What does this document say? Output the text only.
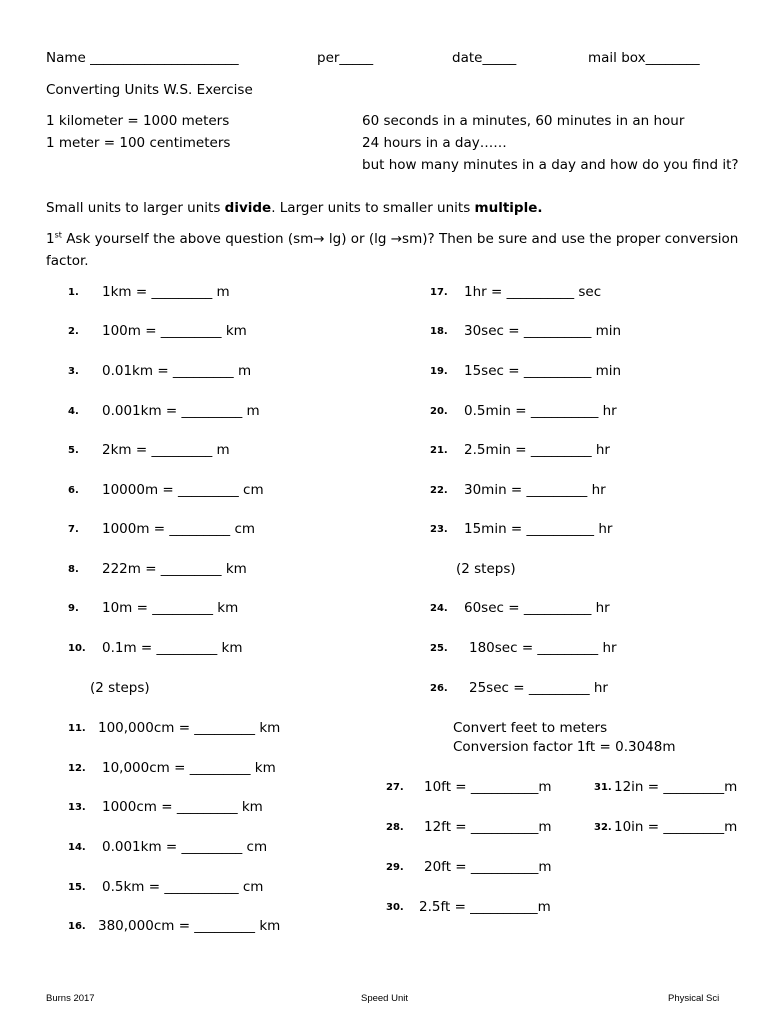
Name ______________________	per_____	date_____	mail box________
Converting Units W.S. Exercise
1 kilometer = 1000 meters
1 meter = 100 centimeters
60 seconds in a minutes, 60 minutes in an hour
24 hours in a day……
but how many minutes in a day and how do you find it?
Small units to larger units divide. Larger units to smaller units multiple.
1st Ask yourself the above question (sm→ lg) or (lg →sm)? Then be sure and use the proper conversion
factor.
1. 1km = _________ m
2. 100m = _________ km
3. 0.01km = _________ m
4. 0.001km = _________ m
5. 2km = _________ m
6. 10000m = _________ cm
7. 1000m = _________ cm
8. 222m = _________ km
9. 10m = _________ km
10. 0.1m = _________ km
(2 steps)
11. 100,000cm = _________ km
12. 10,000cm = _________ km
13. 1000cm = _________ km
14. 0.001km = _________ cm
15. 0.5km = ___________ cm
16. 380,000cm = _________ km
17. 1hr = __________ sec
18. 30sec = __________ min
19. 15sec = __________ min
20. 0.5min = __________ hr
21. 2.5min = _________ hr
22. 30min = _________ hr
23. 15min = __________ hr
(2 steps)
24. 60sec = __________ hr
25. 180sec = _________ hr
26. 25sec = _________ hr
Convert feet to meters
Conversion factor 1ft = 0.3048m
27. 10ft = __________m
28. 12ft = __________m
29. 20ft = __________m
30. 2.5ft = __________m
31. 12in = _________m
32. 10in = _________m
Burns 2017	Speed Unit	Physical Sci
